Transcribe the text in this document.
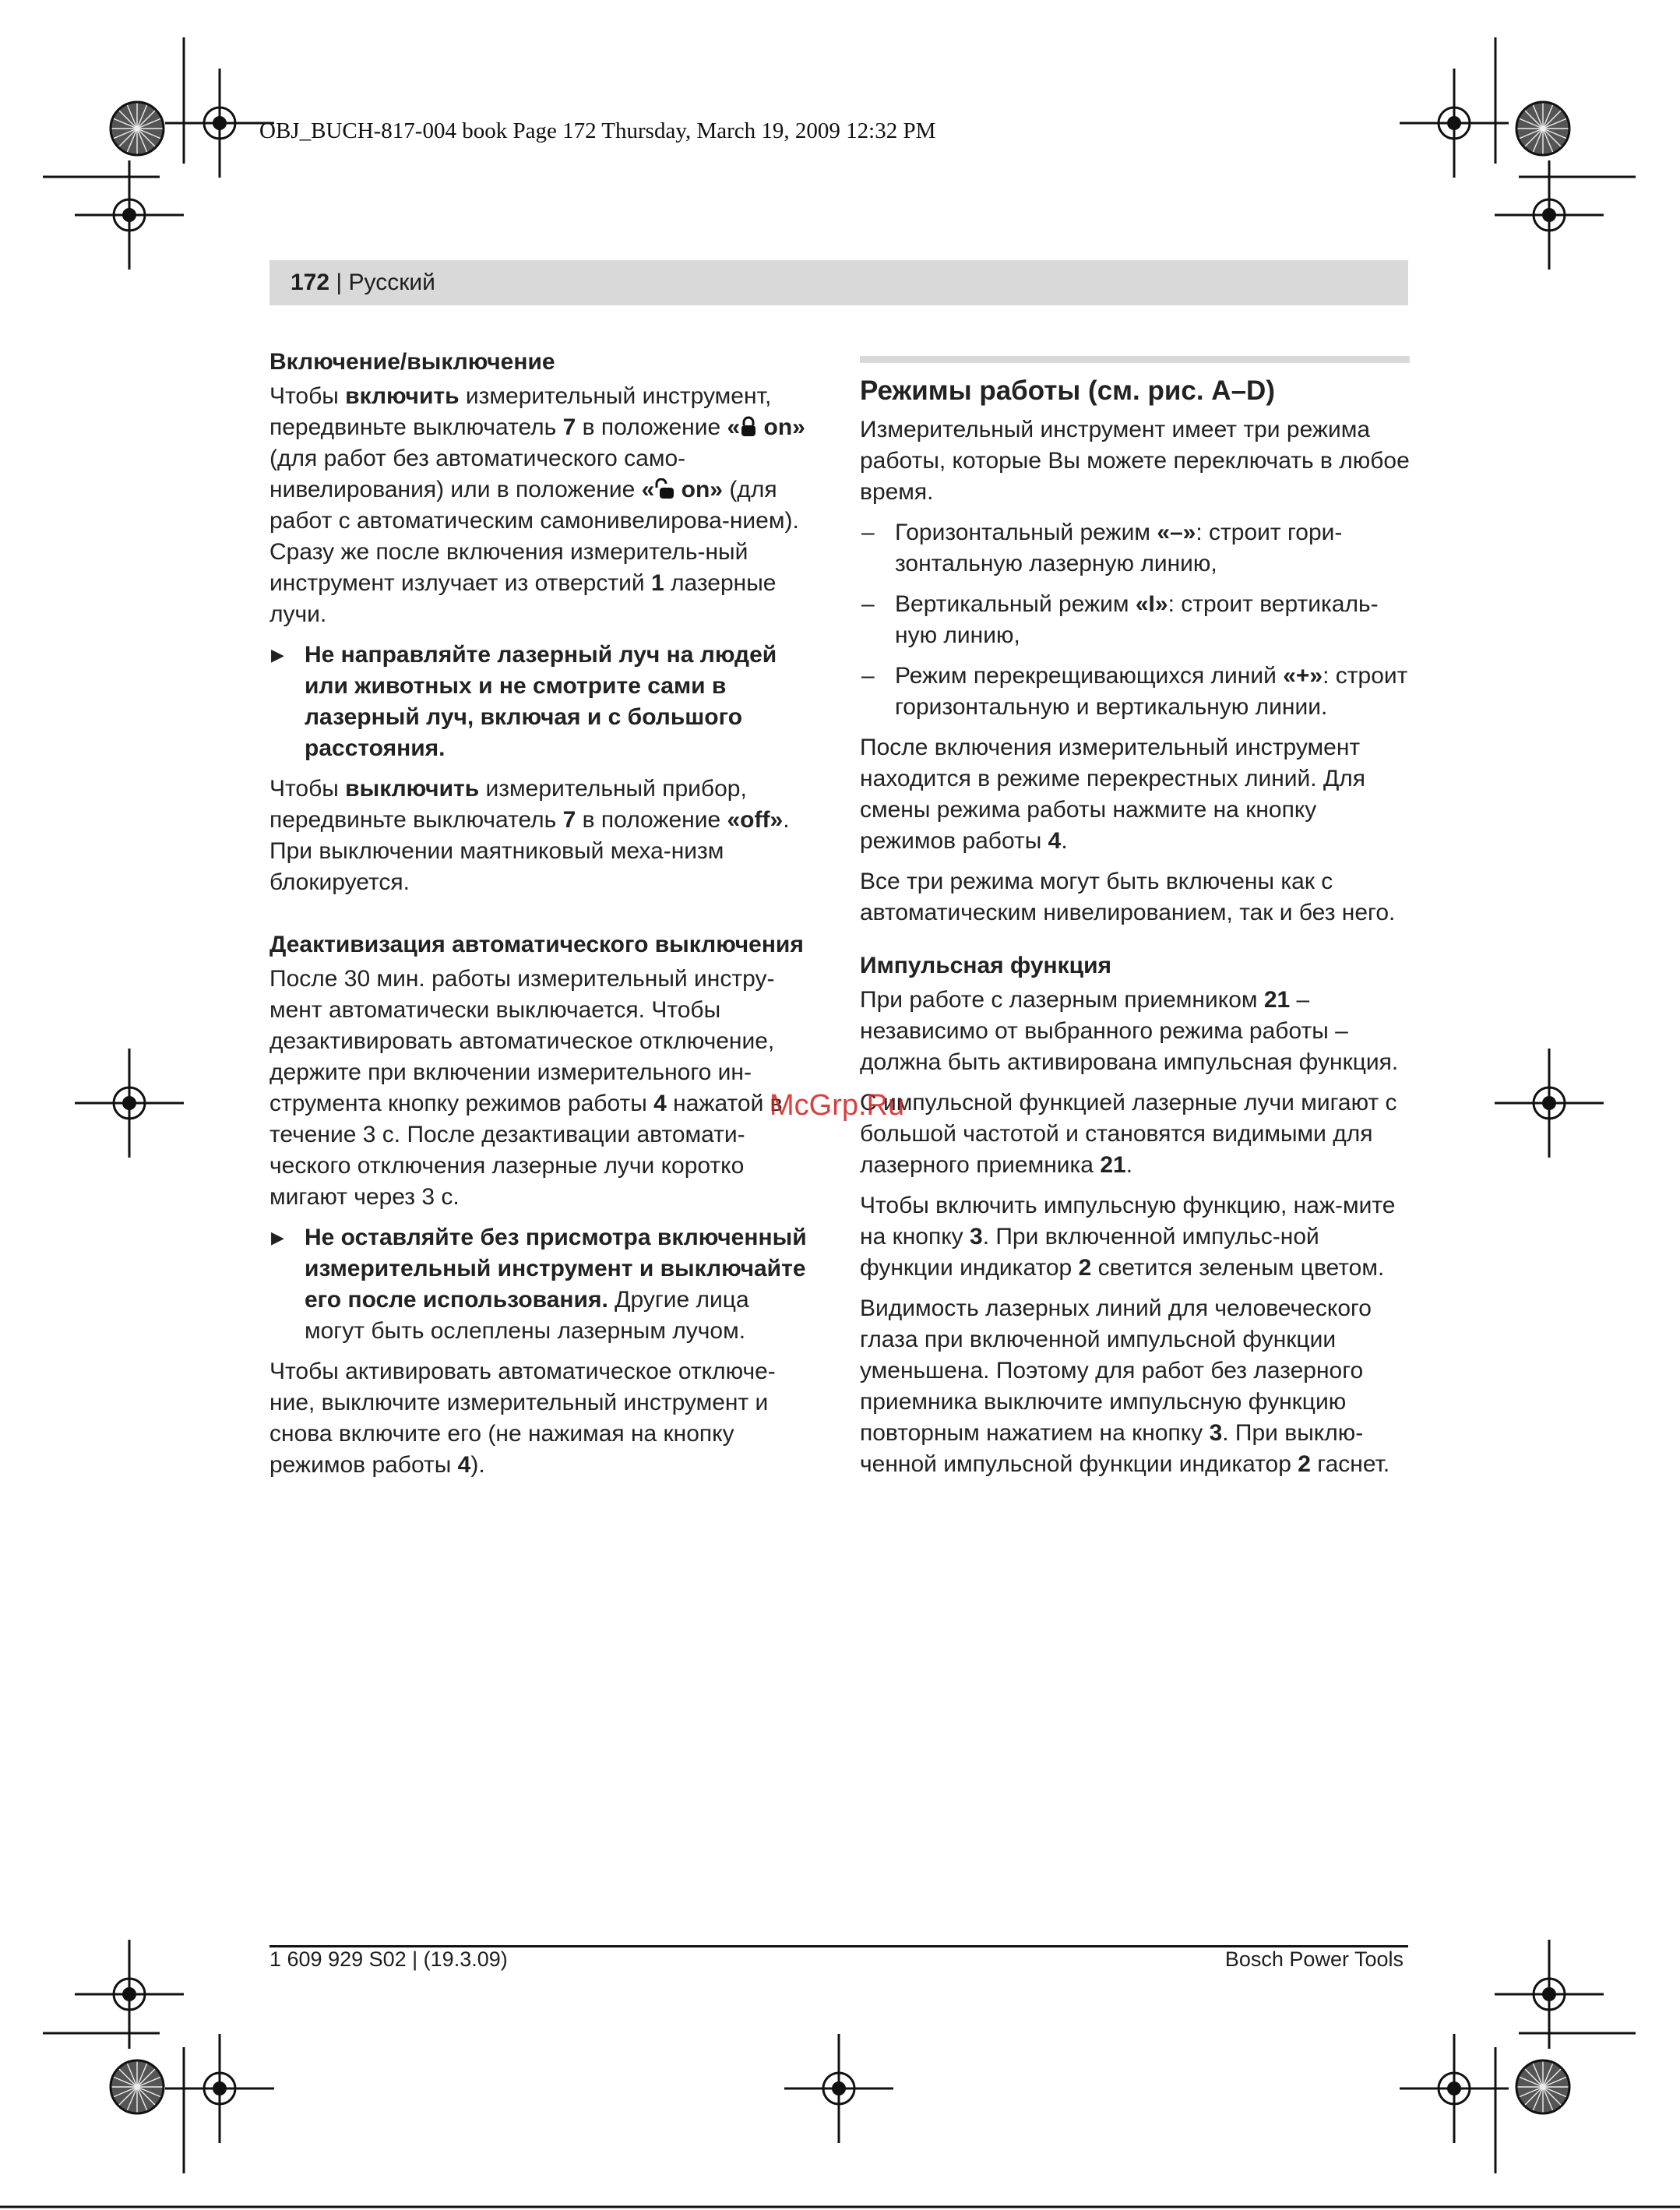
OBJ_BUCH-817-004 book Page 172 Thursday, March 19, 2009 12:32 PM
172 | Русский

Включение/выключение

Чтобы включить измерительный инструмент, передвиньте выключатель 7 в положение « on» (для работ без автоматического само-нивелирования) или в положение « on» (для работ с автоматическим самонивелирова-нием). Сразу же после включения измеритель-ный инструмент излучает из отверстий 1 лазерные лучи.

▶ Не направляйте лазерный луч на людей или животных и не смотрите сами в лазерный луч, включая и с большого расстояния.

Чтобы выключить измерительный прибор, передвиньте выключатель 7 в положение «off». При выключении маятниковый меха-низм блокируется.

Деактивизация автоматического выключения

После 30 мин. работы измерительный инстру-мент автоматически выключается. Чтобы дезактивировать автоматическое отключение, держите при включении измерительного ин-струмента кнопку режимов работы 4 нажатой в течение 3 с. После дезактивации автомати-ческого отключения лазерные лучи коротко мигают через 3 с.

▶ Не оставляйте без присмотра включенный измерительный инструмент и выключайте его после использования. Другие лица могут быть ослеплены лазерным лучом.

Чтобы активировать автоматическое отключе-ние, выключите измерительный инструмент и снова включите его (не нажимая на кнопку режимов работы 4).

Режимы работы (см. рис. A–D)

Измерительный инструмент имеет три режима работы, которые Вы можете переключать в любое время.

– Горизонтальный режим «–»: строит гори-зонтальную лазерную линию,

– Вертикальный режим «I»: строит вертикаль-ную линию,

– Режим перекрещивающихся линий «+»: строит горизонтальную и вертикальную линии.

После включения измерительный инструмент находится в режиме перекрестных линий. Для смены режима работы нажмите на кнопку режимов работы 4.

Все три режима могут быть включены как с автоматическим нивелированием, так и без него.

Импульсная функция

При работе с лазерным приемником 21 – независимо от выбранного режима работы – должна быть активирована импульсная функция.

С импульсной функцией лазерные лучи мигают с большой частотой и становятся видимыми для лазерного приемника 21.

Чтобы включить импульсную функцию, наж-мите на кнопку 3. При включенной импульс-ной функции индикатор 2 светится зеленым цветом.

Видимость лазерных линий для человеческого глаза при включенной импульсной функции уменьшена. Поэтому для работ без лазерного приемника выключите импульсную функцию повторным нажатием на кнопку 3. При выклю-ченной импульсной функции индикатор 2 гаснет.

McGrp.Ru
1 609 929 S02 | (19.3.09)	Bosch Power Tools
